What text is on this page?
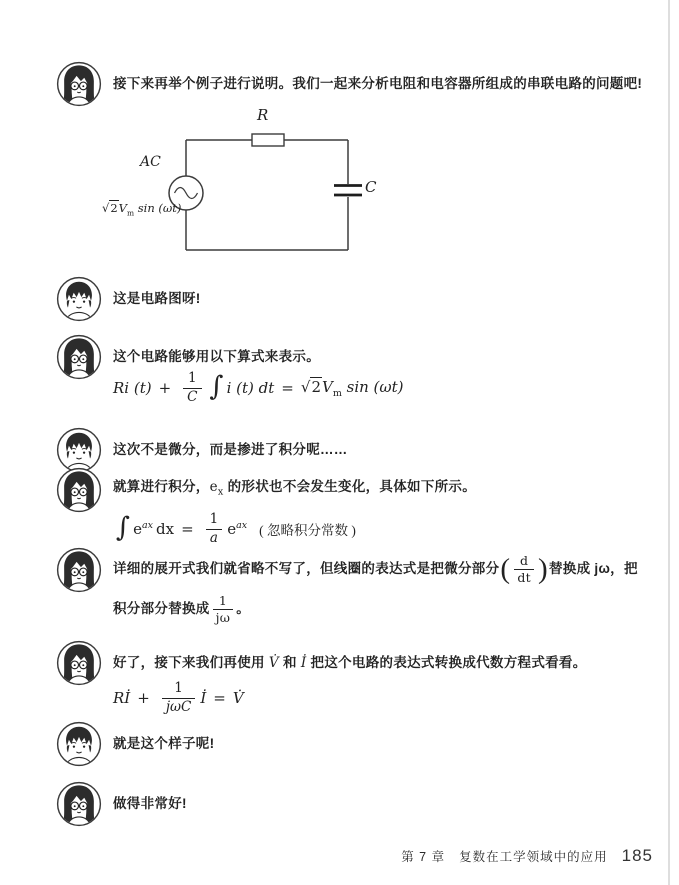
接下来再举个例子进行说明。我们一起来分析电阻和电容器所组成的串联电路的问题吧!
R
AC
C
$√2V_m$ sin (ωt)
这是电路图呀!
这个电路能够用以下算式来表示。
Ri $(t) + \frac{1}{C}$ ∫ i (t) dt = $√2V_m$ sin (ωt)
这次不是微分，而是掺进了积分呢……
就算进行积分，$e_x$ 的形状也不会发生变化，具体如下所示。
∫ $e^{ax}$ dx = $\frac{1}{a} e^{ax}$ ( 忽略积分常数 )
详细的展开式我们就省略不写了，但线圈的表达式是把微分部分( $\frac{d}{dt}$ )替换成 jω，把积分部分替换成 $\frac{1}{j\omega}$ 。
好了，接下来我们再使用 V̇ 和 İ 把这个电路的表达式转换成代数方程式看看。
Rİ + $\frac{1}{\text{jωC}}$ İ = V̇
就是这个样子呢!
做得非常好!
第 7 章 复数在工学领域中的应用 185
